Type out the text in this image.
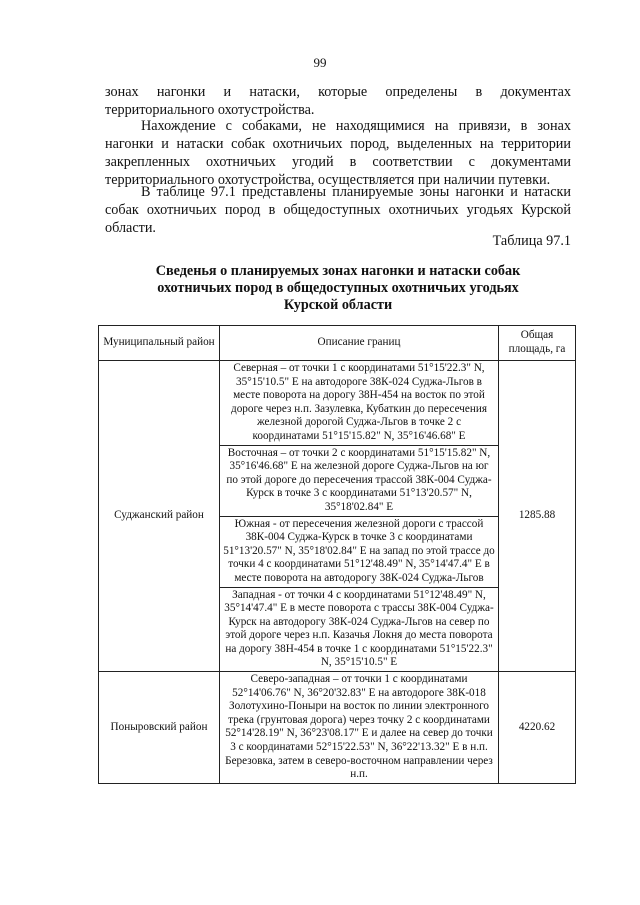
99

зонах нагонки и натаски, которые определены в документах

территориального охотустройства.

Нахождение с собаками, не находящимися на привязи, в зонах нагонки и натаски собак охотничьих пород, выделенных на территории закрепленных охотничьих угодий в соответствии с документами территориального охотустройства, осуществляется при наличии путевки.

В таблице 97.1 представлены планируемые зоны нагонки и натаски собак охотничьих пород в общедоступных охотничьих угодьях Курской области.

Таблица 97.1
Сведенья о планируемых зонах нагонки и натаски собак
охотничьих пород в общедоступных охотничьих угодьях
Курской области
Муниципальный район	Описание границ	Общая площадь, га
Суджанский район	Северная – от точки 1 с координатами 51°15'22.3" N, 35°15'10.5" E на автодороге 38К-024 Суджа-Льгов в месте поворота на дорогу 38Н-454 на восток по этой дороге через н.п. Зазулевка, Кубаткин до пересечения железной дорогой Суджа-Льгов в точке 2 с координатами 51°15'15.82" N, 35°16'46.68" E	1285.88
	Восточная – от точки 2 с координатами 51°15'15.82" N, 35°16'46.68" E на железной дороге Суджа-Льгов на юг по этой дороге до пересечения трассой 38К-004 Суджа-Курск в точке 3 с координатами 51°13'20.57" N, 35°18'02.84" E	
	Южная - от пересечения железной дороги с трассой 38К-004 Суджа-Курск в точке 3 с координатами 51°13'20.57" N, 35°18'02.84" E на запад по этой трассе до точки 4 с координатами 51°12'48.49" N, 35°14'47.4" E в месте поворота на автодорогу 38К-024 Суджа-Льгов	
	Западная - от точки 4 с координатами 51°12'48.49" N, 35°14'47.4" E в месте поворота с трассы 38К-004 Суджа-Курск на автодорогу 38К-024 Суджа-Льгов на север по этой дороге через н.п. Казачья Локня до места поворота на дорогу 38Н-454 в точке 1 с координатами 51°15'22.3" N, 35°15'10.5" E	
Поныровский район	Северо-западная – от точки 1 с координатами 52°14'06.76" N, 36°20'32.83" E на автодороге 38К-018 Золотухино-Поныри на восток по линии электронного трека (грунтовая дорога) через точку 2 с координатами 52°14'28.19" N, 36°23'08.17" E и далее на север до точки 3 с координатами 52°15'22.53" N, 36°22'13.32" E в н.п. Березовка, затем в северо-восточном направлении через н.п.	4220.62
